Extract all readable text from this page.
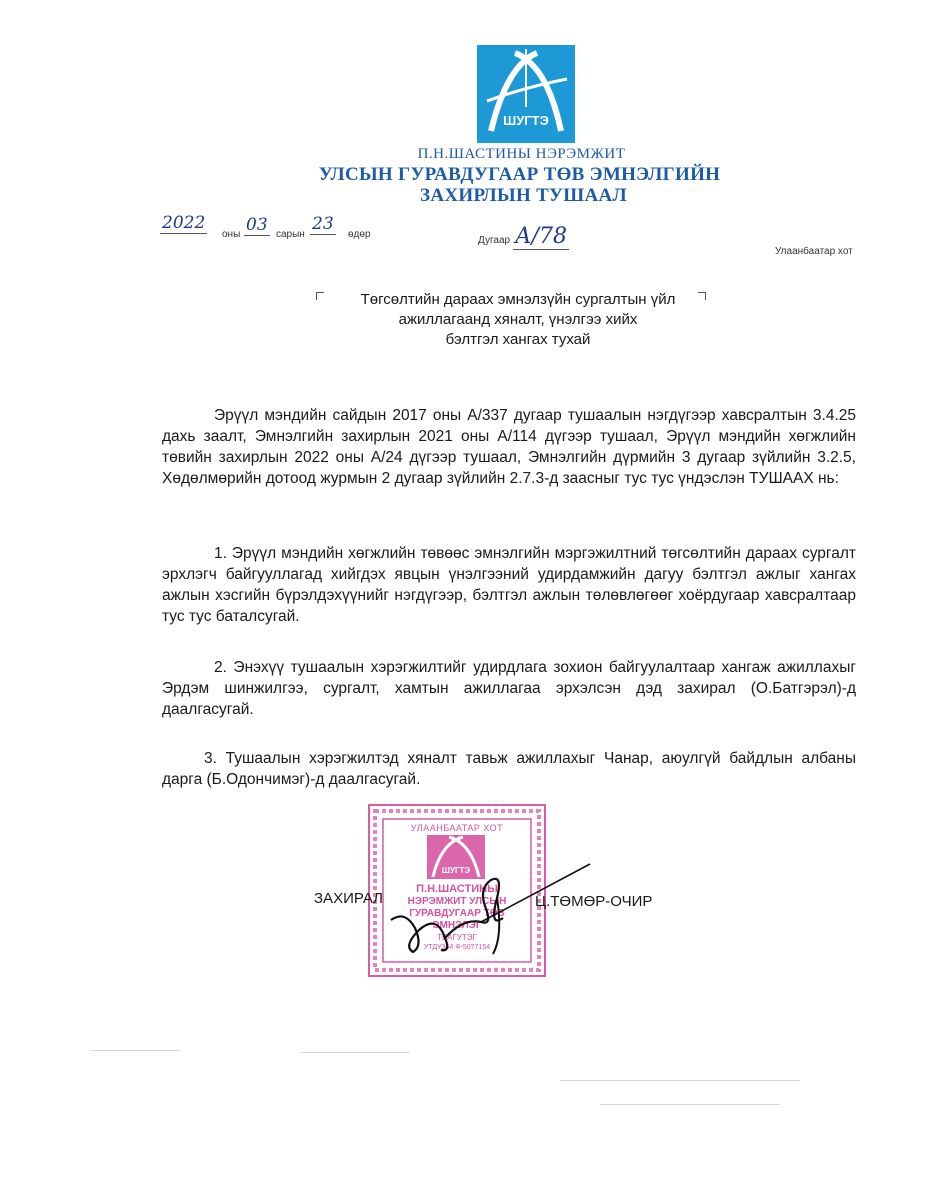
ШУГТЭ
П.Н.ШАСТИНЫ НЭРЭМЖИТ
УЛСЫН ГУРАВДУГААР ТӨВ ЭМНЭЛГИЙН
ЗАХИРЛЫН ТУШААЛ
2022
оны 03 сарын
23
өдөр
Дугаар А/78
Улаанбаатар хот
Төгсөлтийн дараах эмнэлзүйн сургалтын үйл
ажиллагаанд хяналт, үнэлгээ хийх
бэлтгэл хангах тухай
Эрүүл мэндийн сайдын 2017 оны А/337 дугаар тушаалын нэгдүгээр хавсралтын 3.4.25 дахь заалт, Эмнэлгийн захирлын 2021 оны А/114 дүгээр тушаал, Эрүүл мэндийн хөгжлийн төвийн захирлын 2022 оны А/24 дүгээр тушаал, Эмнэлгийн дүрмийн 3 дугаар зүйлийн 3.2.5, Хөдөлмөрийн дотоод журмын 2 дугаар зүйлийн 2.7.3-д заасныг тус тус үндэслэн ТУШААХ нь:
1. Эрүүл мэндийн хөгжлийн төвөөс эмнэлгийн мэргэжилтний төгсөлтийн дараах сургалт эрхлэгч байгууллагад хийгдэх явцын үнэлгээний удирдамжийн дагуу бэлтгэл ажлыг хангах ажлын хэсгийн бүрэлдэхүүнийг нэгдүгээр, бэлтгэл ажлын төлөвлөгөөг хоёрдугаар хавсралтаар тус тус баталсугай.
2. Энэхүү тушаалын хэрэгжилтийг удирдлага зохион байгуулалтаар хангаж ажиллахыг Эрдэм шинжилгээ, сургалт, хамтын ажиллагаа эрхэлсэн дэд захирал (О.Батгэрэл)-д даалгасугай.
3. Тушаалын хэрэгжилтэд хяналт тавьж ажиллахыг Чанар, аюулгүй байдлын албаны дарга (Б.Одончимэг)-д даалгасугай.
ШУГТЭ
УЛААНБААТАР ХОТ
П.Н.ШАСТИНЫ
НЭРЭМЖИТ УЛСЫН
ГУРАВДУГААР ТӨВ
ЭМНЭЛЭГ
ТБАГУТЭГ
УТДУ364 Ф-5077154
ЗАХИРАЛ	Ц.ТӨМӨР-ОЧИР
